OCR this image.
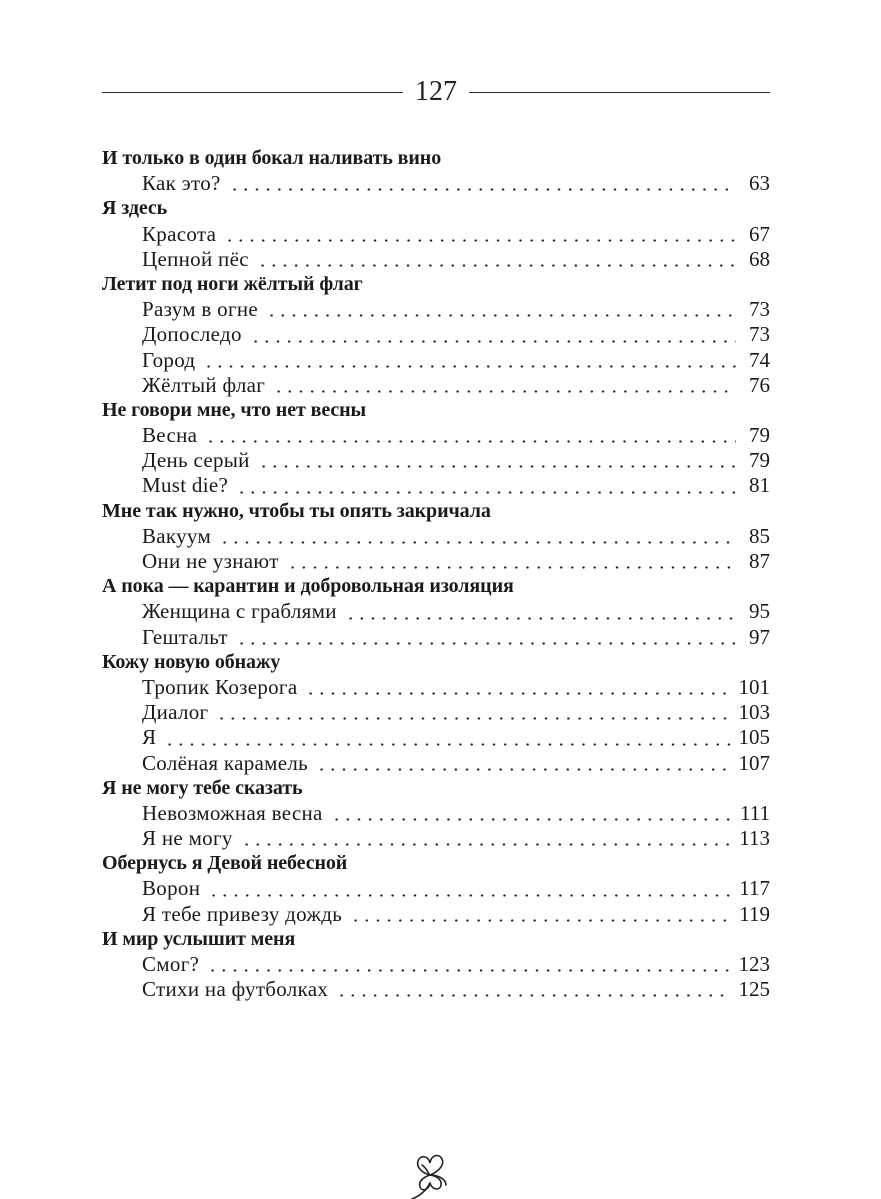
127
И только в один бокал наливать вино
Как это?	63
Я здесь
Красота	67
Цепной пёс	68
Летит под ноги жёлтый флаг
Разум в огне	73
Допоследо	73
Город	74
Жёлтый флаг	76
Не говори мне, что нет весны
Весна	79
День серый	79
Must die?	81
Мне так нужно, чтобы ты опять закричала
Вакуум	85
Они не узнают	87
А пока — карантин и добровольная изоляция
Женщина с граблями	95
Гештальт	97
Кожу новую обнажу
Тропик Козерога	101
Диалог	103
Я	105
Солёная карамель	107
Я не могу тебе сказать
Невозможная весна	111
Я не могу	113
Обернусь я Девой небесной
Ворон	117
Я тебе привезу дождь	119
И мир услышит меня
Смог?	123
Стихи на футболках	125
